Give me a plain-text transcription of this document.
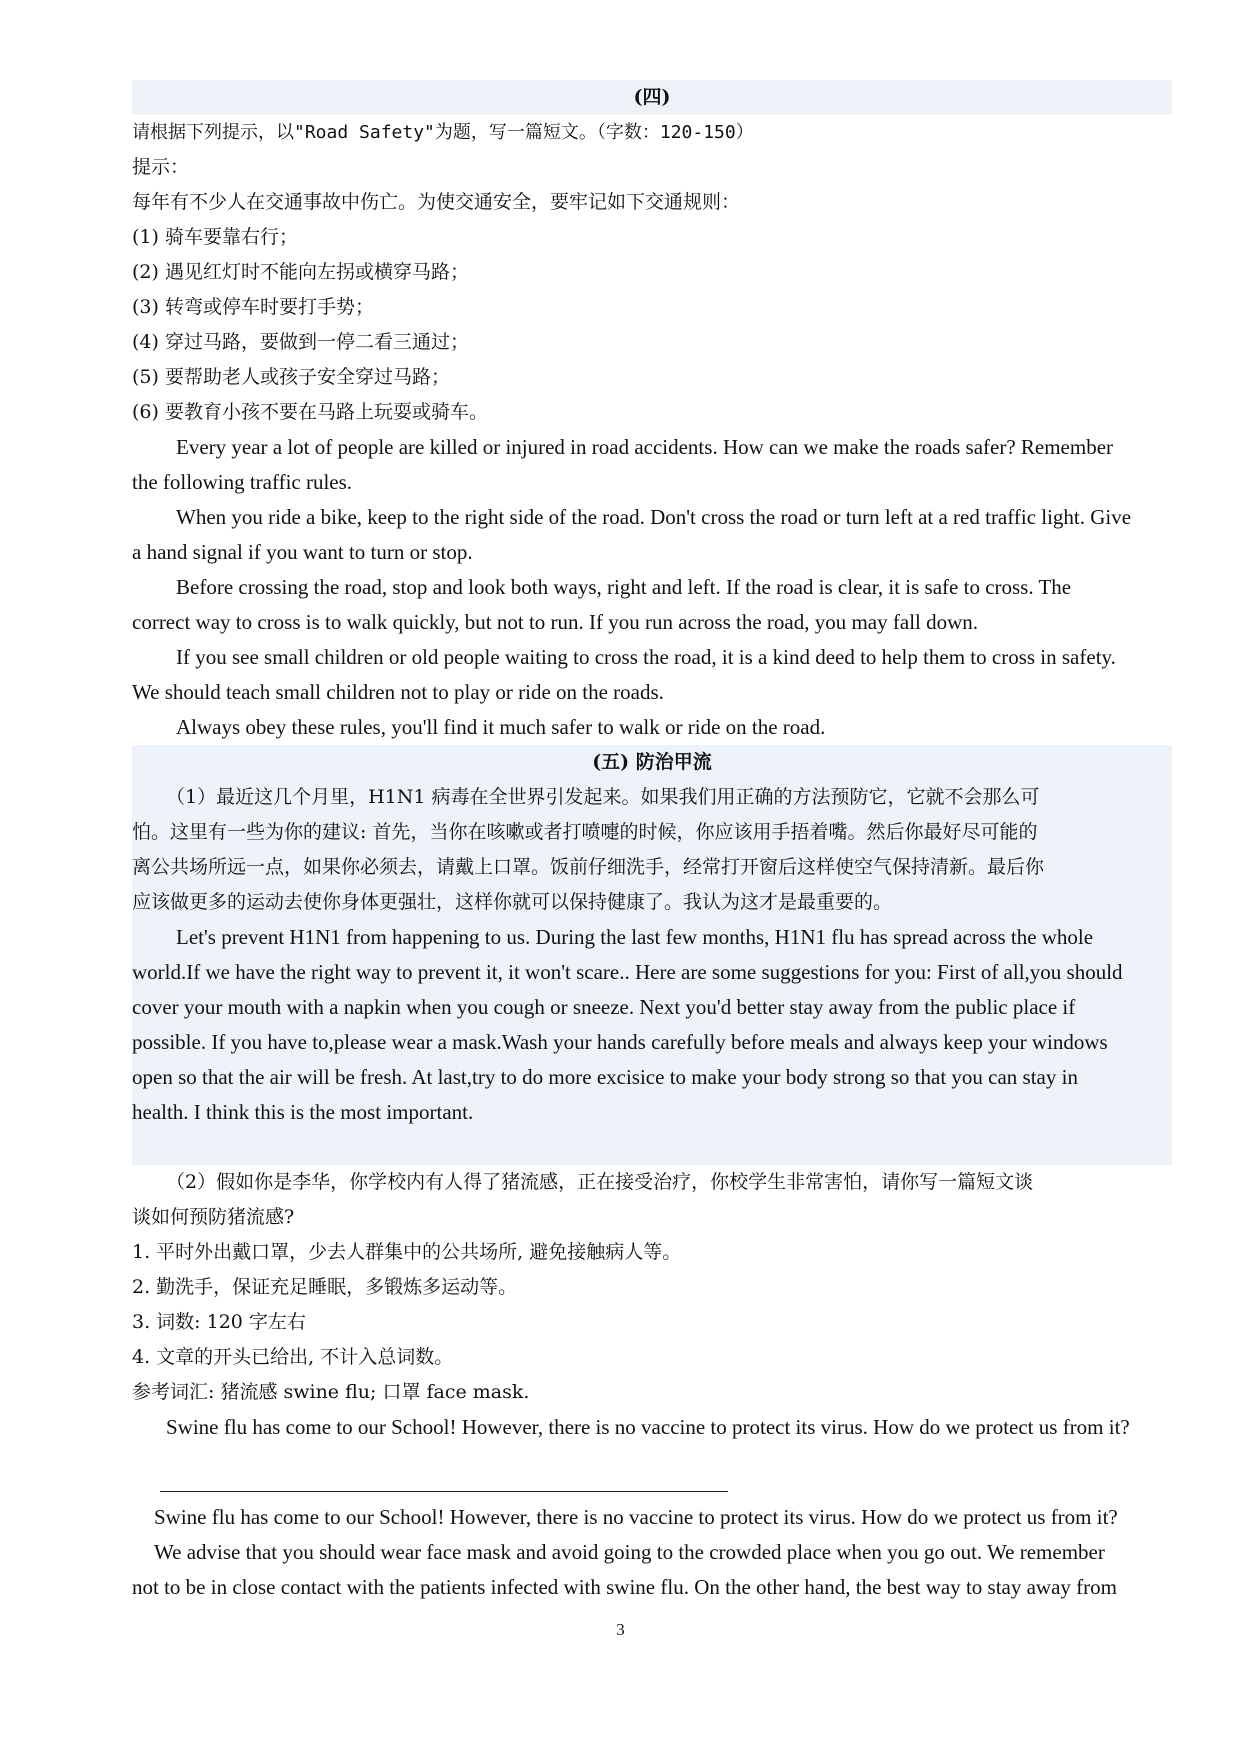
(四)
请根据下列提示，以"Road Safety"为题，写一篇短文。（字数：120-150）
提示：
每年有不少人在交通事故中伤亡。为使交通安全，要牢记如下交通规则：
(1) 骑车要靠右行；
(2) 遇见红灯时不能向左拐或横穿马路；
(3) 转弯或停车时要打手势；
(4) 穿过马路，要做到一停二看三通过；
(5) 要帮助老人或孩子安全穿过马路；
(6) 要教育小孩不要在马路上玩耍或骑车。
Every year a lot of people are killed or injured in road accidents. How can we make the roads safer? Remember
the following traffic rules.
When you ride a bike, keep to the right side of the road. Don't cross the road or turn left at a red traffic light. Give
a hand signal if you want to turn or stop.
Before crossing the road, stop and look both ways, right and left. If the road is clear, it is safe to cross. The
correct way to cross is to walk quickly, but not to run. If you run across the road, you may fall down.
If you see small children or old people waiting to cross the road, it is a kind deed to help them to cross in safety.
We should teach small children not to play or ride on the roads.
Always obey these rules, you'll find it much safer to walk or ride on the road.
(五) 防治甲流
（1）最近这几个月里，H1N1 病毒在全世界引发起来。如果我们用正确的方法预防它，它就不会那么可
怕。这里有一些为你的建议: 首先，当你在咳嗽或者打喷嚏的时候，你应该用手捂着嘴。然后你最好尽可能的
离公共场所远一点，如果你必须去，请戴上口罩。饭前仔细洗手，经常打开窗后这样使空气保持清新。最后你
应该做更多的运动去使你身体更强壮，这样你就可以保持健康了。我认为这才是最重要的。
Let's prevent H1N1 from happening to us. During the last few months, H1N1 flu has spread across the whole
world.If we have the right way to prevent it, it won't scare.. Here are some suggestions for you: First of all,you should
cover your mouth with a napkin when you cough or sneeze. Next you'd better stay away from the public place if
possible. If you have to,please wear a mask.Wash your hands carefully before meals and always keep your windows
open so that the air will be fresh. At last,try to do more excisice to make your body strong so that you can stay in
health. I think this is the most important.
（2）假如你是李华，你学校内有人得了猪流感，正在接受治疗，你校学生非常害怕，请你写一篇短文谈
谈如何预防猪流感?
1. 平时外出戴口罩，少去人群集中的公共场所, 避免接触病人等。
2. 勤洗手，保证充足睡眠，多锻炼多运动等。
3. 词数: 120 字左右
4. 文章的开头已给出, 不计入总词数。
参考词汇: 猪流感 swine flu; 口罩 face mask.
Swine flu has come to our School! However, there is no vaccine to protect its virus. How do we protect us from it?
Swine flu has come to our School! However, there is no vaccine to protect its virus. How do we protect us from it?
We advise that you should wear face mask and avoid going to the crowded place when you go out. We remember
not to be in close contact with the patients infected with swine flu. On the other hand, the best way to stay away from
3
